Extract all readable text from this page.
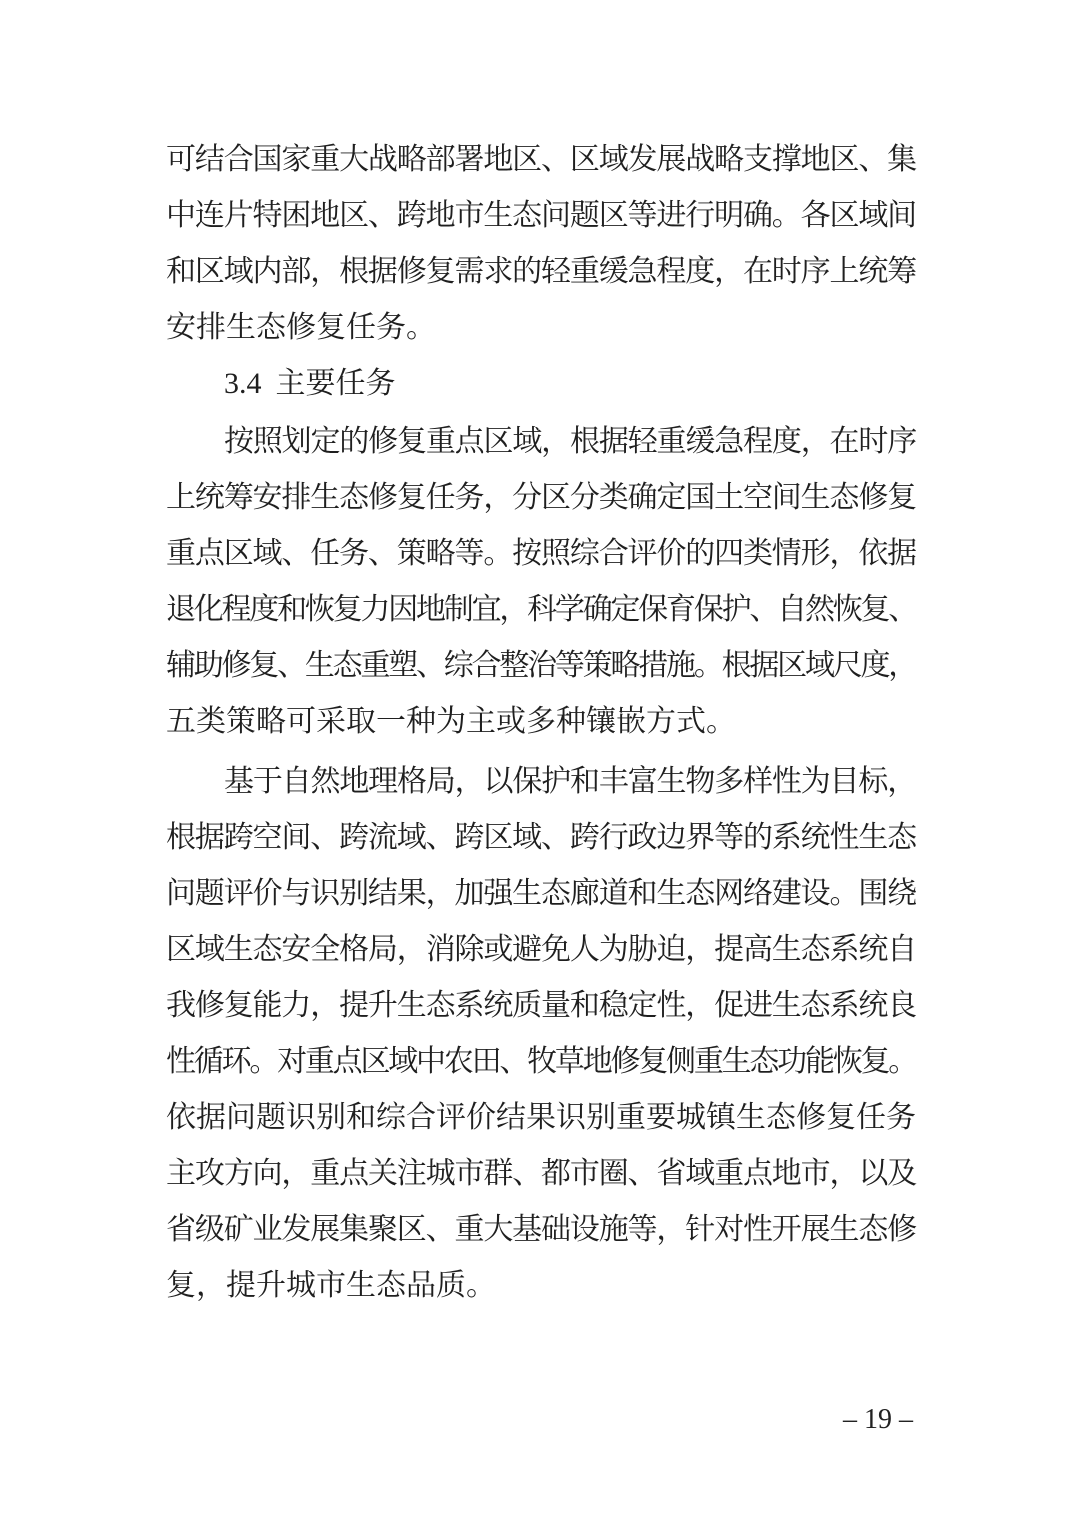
可结合国家重大战略部署地区、区域发展战略支撑地区、集
中连片特困地区、跨地市生态问题区等进行明确。各区域间
和区域内部，根据修复需求的轻重缓急程度，在时序上统筹
安排生态修复任务。
3.4 主要任务
按照划定的修复重点区域，根据轻重缓急程度，在时序
上统筹安排生态修复任务，分区分类确定国土空间生态修复
重点区域、任务、策略等。按照综合评价的四类情形，依据
退化程度和恢复力因地制宜，科学确定保育保护、自然恢复、
辅助修复、生态重塑、综合整治等策略措施。根据区域尺度，
五类策略可采取一种为主或多种镶嵌方式。
基于自然地理格局，以保护和丰富生物多样性为目标，
根据跨空间、跨流域、跨区域、跨行政边界等的系统性生态
问题评价与识别结果，加强生态廊道和生态网络建设。围绕
区域生态安全格局，消除或避免人为胁迫，提高生态系统自
我修复能力，提升生态系统质量和稳定性，促进生态系统良
性循环。对重点区域中农田、牧草地修复侧重生态功能恢复。
依据问题识别和综合评价结果识别重要城镇生态修复任务
主攻方向，重点关注城市群、都市圈、省域重点地市，以及
省级矿业发展集聚区、重大基础设施等，针对性开展生态修
复，提升城市生态品质。
– 19 –
